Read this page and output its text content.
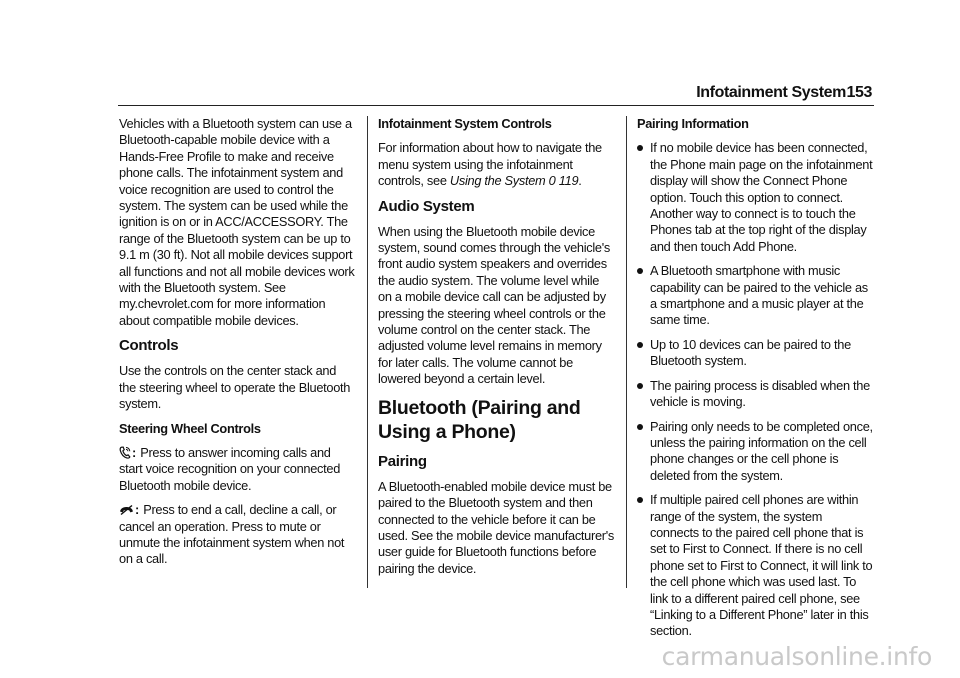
Infotainment System 153

Vehicles with a Bluetooth system can use a Bluetooth-capable mobile device with a Hands-Free Profile to make and receive phone calls. The infotainment system and voice recognition are used to control the system. The system can be used while the ignition is on or in ACC/ACCESSORY. The range of the Bluetooth system can be up to 9.1 m (30 ft). Not all mobile devices support all functions and not all mobile devices work with the Bluetooth system. See my.chevrolet.com for more information about compatible mobile devices.

Controls

Use the controls on the center stack and the steering wheel to operate the Bluetooth system.

Steering Wheel Controls

: Press to answer incoming calls and start voice recognition on your connected Bluetooth mobile device.

: Press to end a call, decline a call, or cancel an operation. Press to mute or unmute the infotainment system when not on a call.

Infotainment System Controls

For information about how to navigate the menu system using the infotainment controls, see Using the System 0 119.

Audio System

When using the Bluetooth mobile device system, sound comes through the vehicle's front audio system speakers and overrides the audio system. The volume level while on a mobile device call can be adjusted by pressing the steering wheel controls or the volume control on the center stack. The adjusted volume level remains in memory for later calls. The volume cannot be lowered beyond a certain level.

Bluetooth (Pairing and Using a Phone)
Pairing

A Bluetooth-enabled mobile device must be paired to the Bluetooth system and then connected to the vehicle before it can be used. See the mobile device manufacturer's user guide for Bluetooth functions before pairing the device.

Pairing Information
If no mobile device has been connected, the Phone main page on the infotainment display will show the Connect Phone option. Touch this option to connect. Another way to connect is to touch the Phones tab at the top right of the display and then touch Add Phone.
A Bluetooth smartphone with music capability can be paired to the vehicle as a smartphone and a music player at the same time.
Up to 10 devices can be paired to the Bluetooth system.
The pairing process is disabled when the vehicle is moving.
Pairing only needs to be completed once, unless the pairing information on the cell phone changes or the cell phone is deleted from the system.
If multiple paired cell phones are within range of the system, the system connects to the paired cell phone that is set to First to Connect. If there is no cell phone set to First to Connect, it will link to the cell phone which was used last. To link to a different paired cell phone, see “Linking to a Different Phone” later in this section.
carmanualsonline.info
